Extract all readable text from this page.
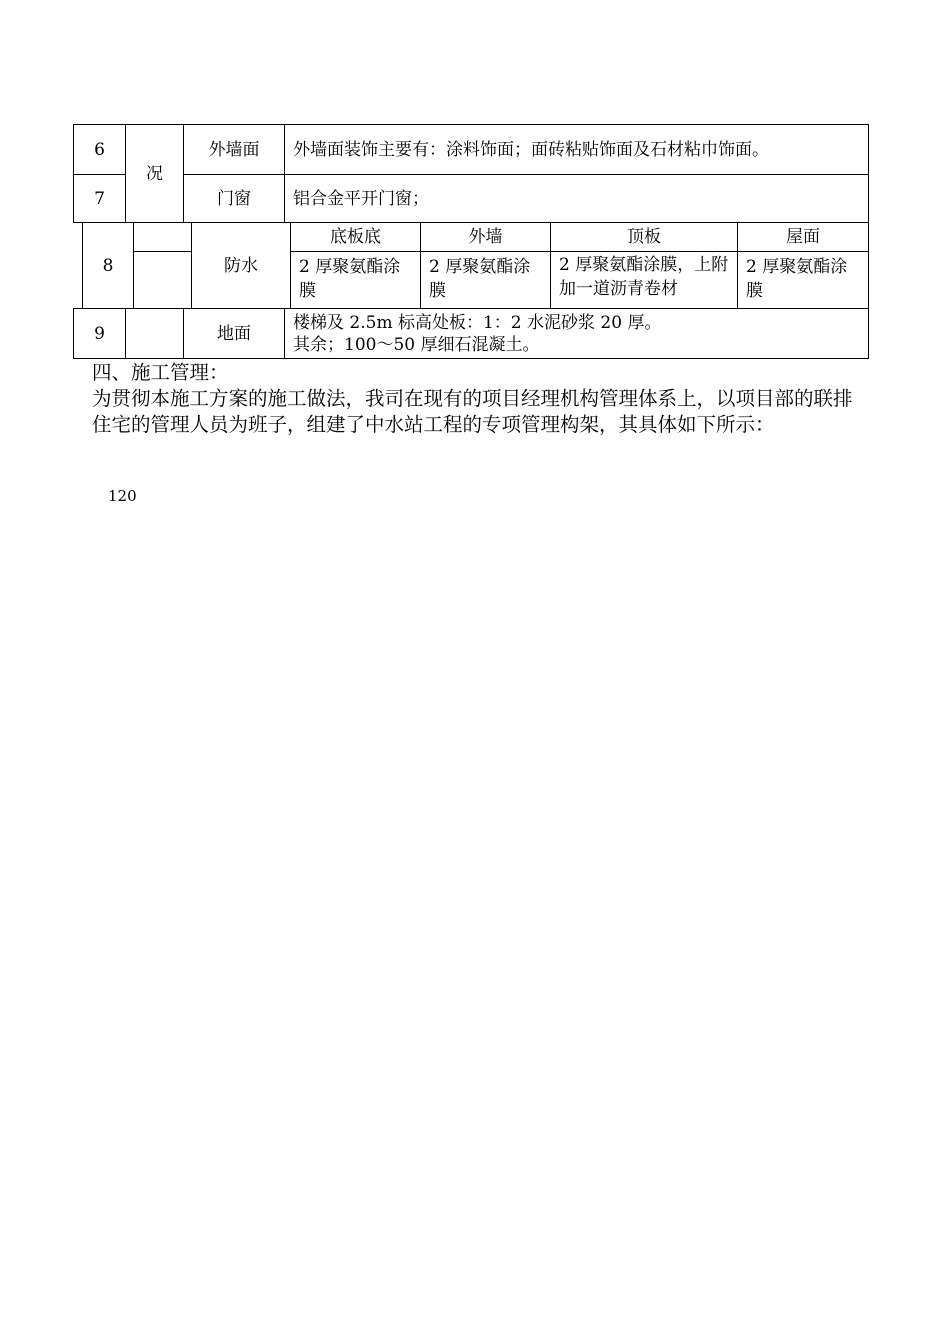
6	况	外墙面	外墙面装饰主要有：涂料饰面；面砖粘贴饰面及石材粘巾饰面。
7		门窗	铝合金平开门窗；
8		防水	底板底	外墙	顶板	屋面
			2 厚聚氨酯涂膜	2 厚聚氨酯涂膜	2 厚聚氨酯涂膜，上附加一道沥青卷材	2 厚聚氨酯涂膜
9		地面	
楼梯及 2.5m 标高处板：1：2 水泥砂浆 20 厚。
其余；100～50 厚细石混凝土。

四、施工管理：

为贯彻本施工方案的施工做法，我司在现有的项目经理机构管理体系上，以项目部的联排住宅的管理人员为班子，组建了中水站工程的专项管理构架，其具体如下所示：

120
